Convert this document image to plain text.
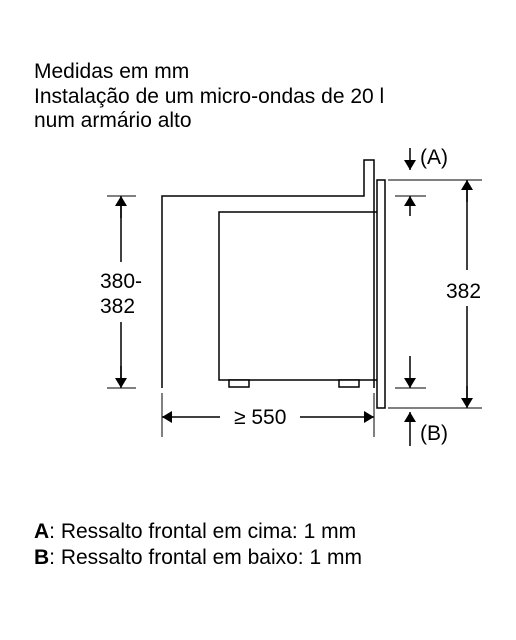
Medidas em mm
Instalação de um micro-ondas de 20 l
num armário alto
380-
382
≥ 550
382
(A)
(B)
A: Ressalto frontal em cima: 1 mm
B: Ressalto frontal em baixo: 1 mm
